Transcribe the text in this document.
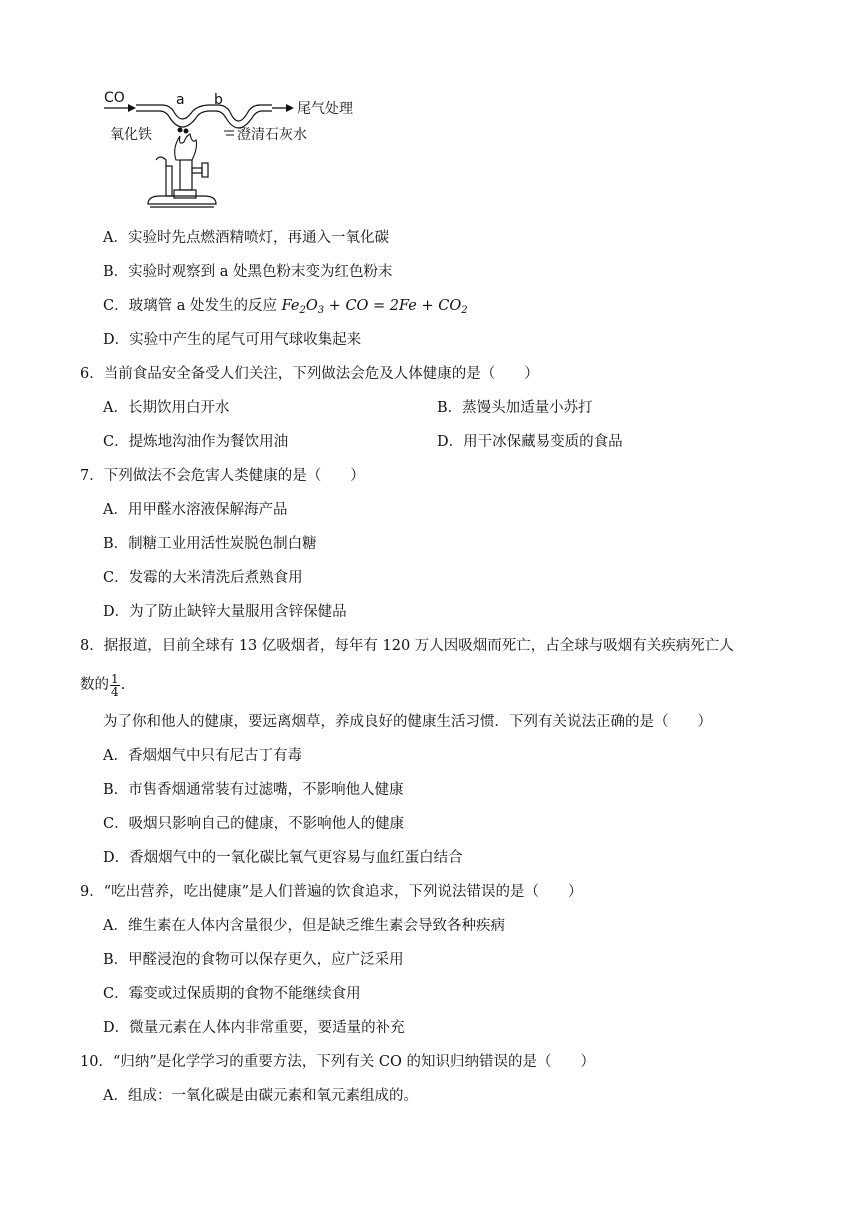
CO	a b
尾气处理
氧化铁	澄清石灰水
A．实验时先点燃酒精喷灯，再通入一氧化碳
B．实验时观察到 a 处黑色粉末变为红色粉末
C．玻璃管 a 处发生的反应 $Fe_2O_3$ + CO = $2Fe + CO_2$
D．实验中产生的尾气可用气球收集起来
6．当前食品安全备受人们关注，下列做法会危及人体健康的是（　　）
A．长期饮用白开水	B．蒸馒头加适量小苏打
C．提炼地沟油作为餐饮用油	D．用干冰保藏易变质的食品
7．下列做法不会危害人类健康的是（　　）
A．用甲醛水溶液保解海产品
B．制糖工业用活性炭脱色制白糖
C．发霉的大米清洗后煮熟食用
D．为了防止缺锌大量服用含锌保健品
8．据报道，目前全球有 13 亿吸烟者，每年有 120 万人因吸烟而死亡，占全球与吸烟有关疾病死亡人
数的 $\frac{1}{4}$ .
为了你和他人的健康，要远离烟草，养成良好的健康生活习惯．下列有关说法正确的是（　　）
A．香烟烟气中只有尼古丁有毒
B．市售香烟通常装有过滤嘴，不影响他人健康
C．吸烟只影响自己的健康，不影响他人的健康
D．香烟烟气中的一氧化碳比氧气更容易与血红蛋白结合
9．“吃出营养，吃出健康”是人们普遍的饮食追求，下列说法错误的是（　　）
A．维生素在人体内含量很少，但是缺乏维生素会导致各种疾病
B．甲醛浸泡的食物可以保存更久，应广泛采用
C．霉变或过保质期的食物不能继续食用
D．微量元素在人体内非常重要，要适量的补充
10．“归纳”是化学学习的重要方法，下列有关 CO 的知识归纳错误的是（　　）
A．组成：一氧化碳是由碳元素和氧元素组成的。
